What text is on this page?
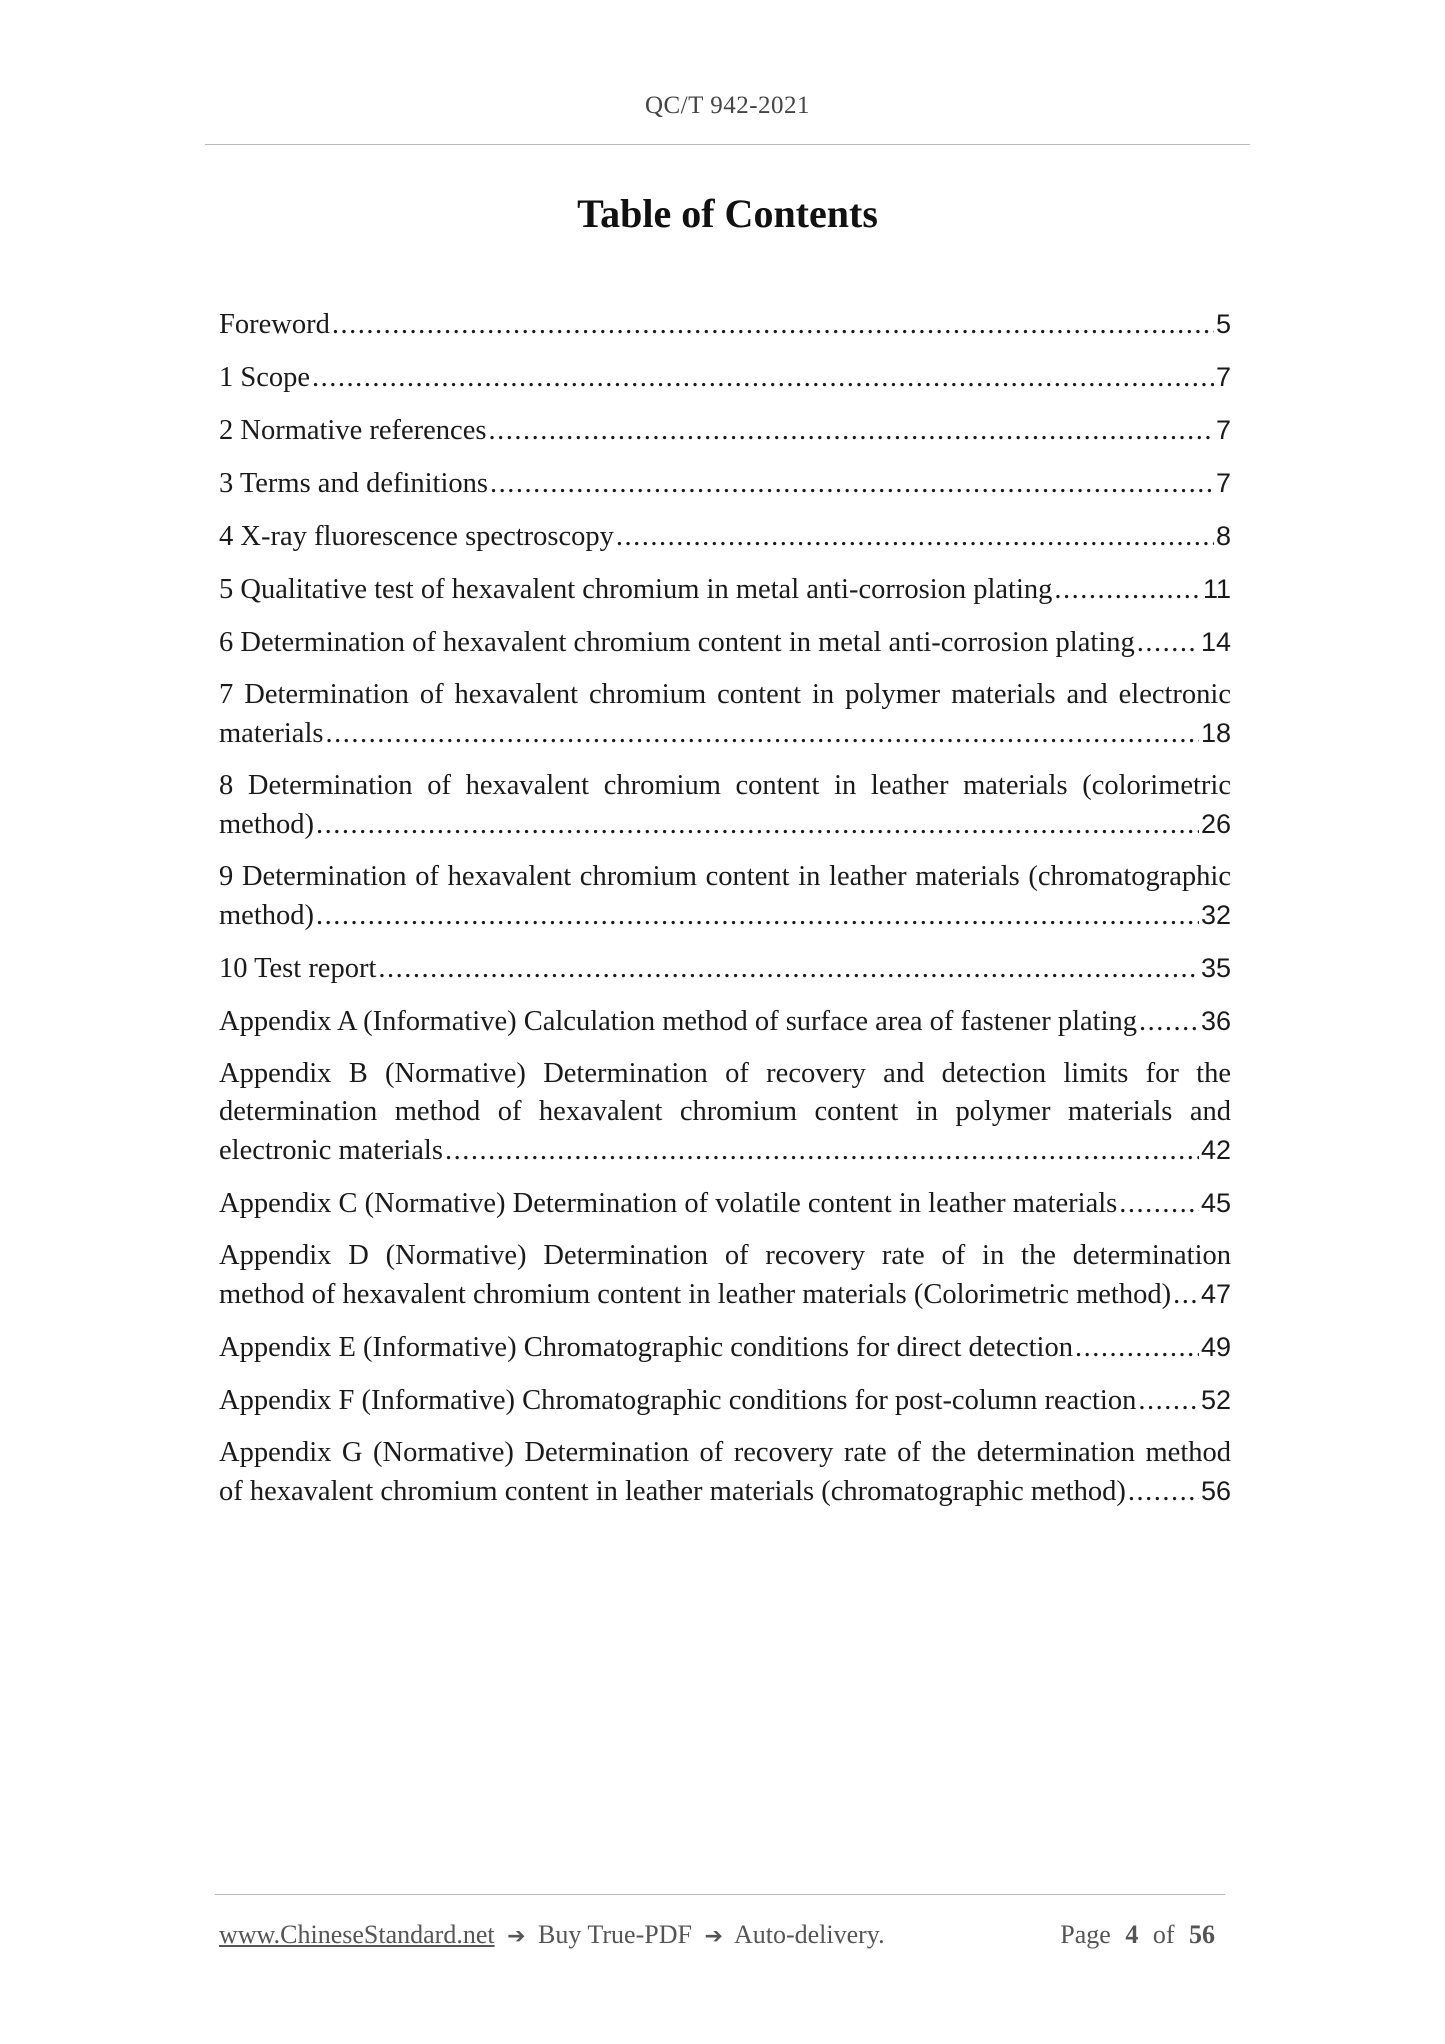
QC/T 942-2021
Table of Contents
Foreword .....	5
1 Scope .....	7
2 Normative references .....	7
3 Terms and definitions .....	7
4 X-ray fluorescence spectroscopy .....	8
5 Qualitative test of hexavalent chromium in metal anti-corrosion plating .....	11
6 Determination of hexavalent chromium content in metal anti-corrosion plating ..... 14
7 Determination of hexavalent chromium content in polymer materials and electronic
materials .....	18
8 Determination of hexavalent chromium content in leather materials (colorimetric
method) .....	26
9 Determination of hexavalent chromium content in leather materials (chromatographic
method) .....	32
10 Test report .....	35
Appendix A (Informative) Calculation method of surface area of fastener plating ..... 36
Appendix B (Normative) Determination of recovery and detection limits for the determination method of hexavalent chromium content in polymer materials and
electronic materials .....	42
Appendix C (Normative) Determination of volatile content in leather materials .....	45
Appendix D (Normative) Determination of recovery rate of in the determination
method of hexavalent chromium content in leather materials (Colorimetric method) ..... 47
Appendix E (Informative) Chromatographic conditions for direct detection .....	49
Appendix F (Informative) Chromatographic conditions for post-column reaction ..... 52
Appendix G (Normative) Determination of recovery rate of the determination method
of hexavalent chromium content in leather materials (chromatographic method) .....	56
www.ChineseStandard.net ➔ Buy True-PDF ➔ Auto-delivery.	Page 4 of 56
